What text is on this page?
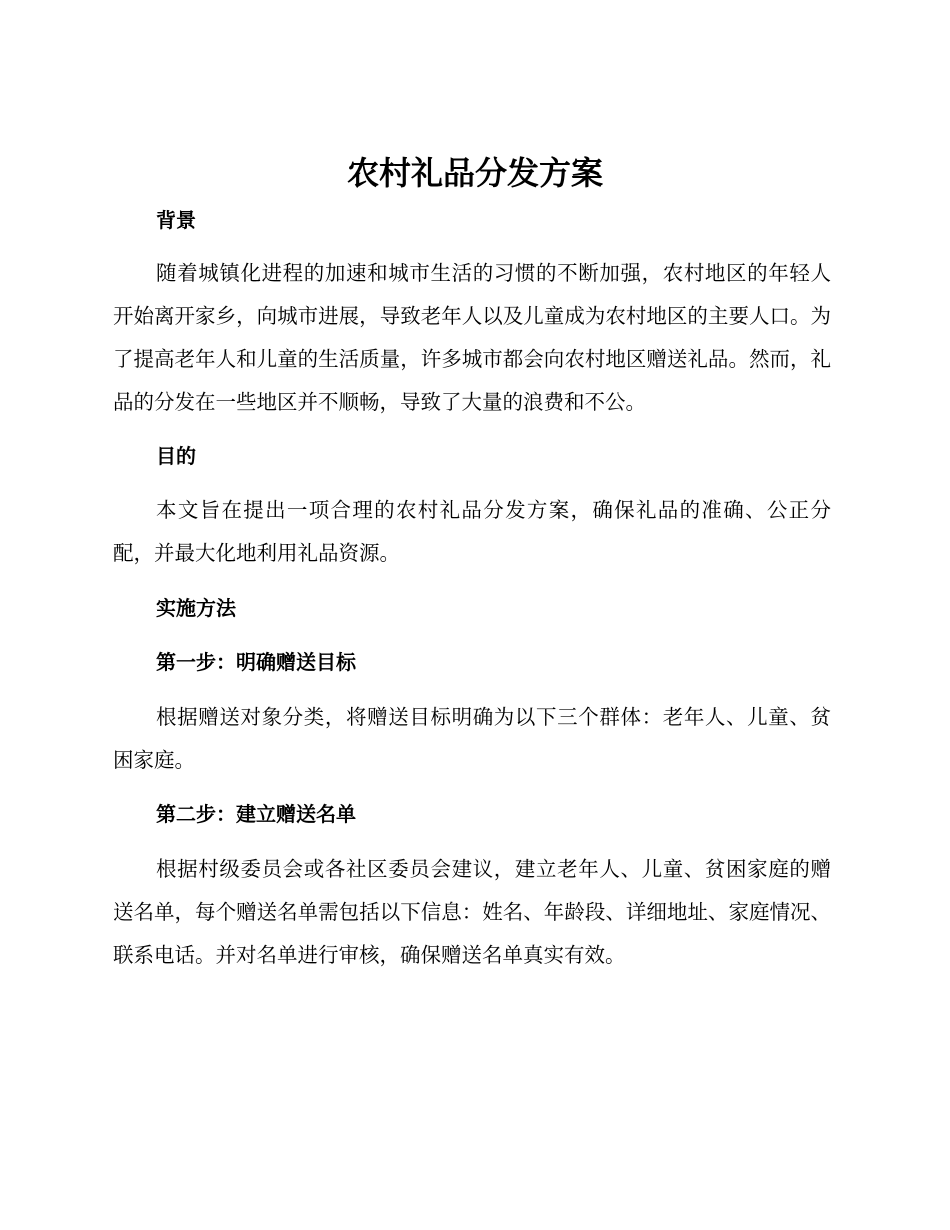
农村礼品分发方案
背景

随着城镇化进程的加速和城市生活的习惯的不断加强，农村地区的年轻人开始离开家乡，向城市进展，导致老年人以及儿童成为农村地区的主要人口。为了提高老年人和儿童的生活质量，许多城市都会向农村地区赠送礼品。然而，礼品的分发在一些地区并不顺畅，导致了大量的浪费和不公。

目的

本文旨在提出一项合理的农村礼品分发方案，确保礼品的准确、公正分配，并最大化地利用礼品资源。

实施方法
第一步：明确赠送目标

根据赠送对象分类，将赠送目标明确为以下三个群体：老年人、儿童、贫困家庭。

第二步：建立赠送名单

根据村级委员会或各社区委员会建议，建立老年人、儿童、贫困家庭的赠送名单，每个赠送名单需包括以下信息：姓名、年龄段、详细地址、家庭情况、联系电话。并对名单进行审核，确保赠送名单真实有效。
